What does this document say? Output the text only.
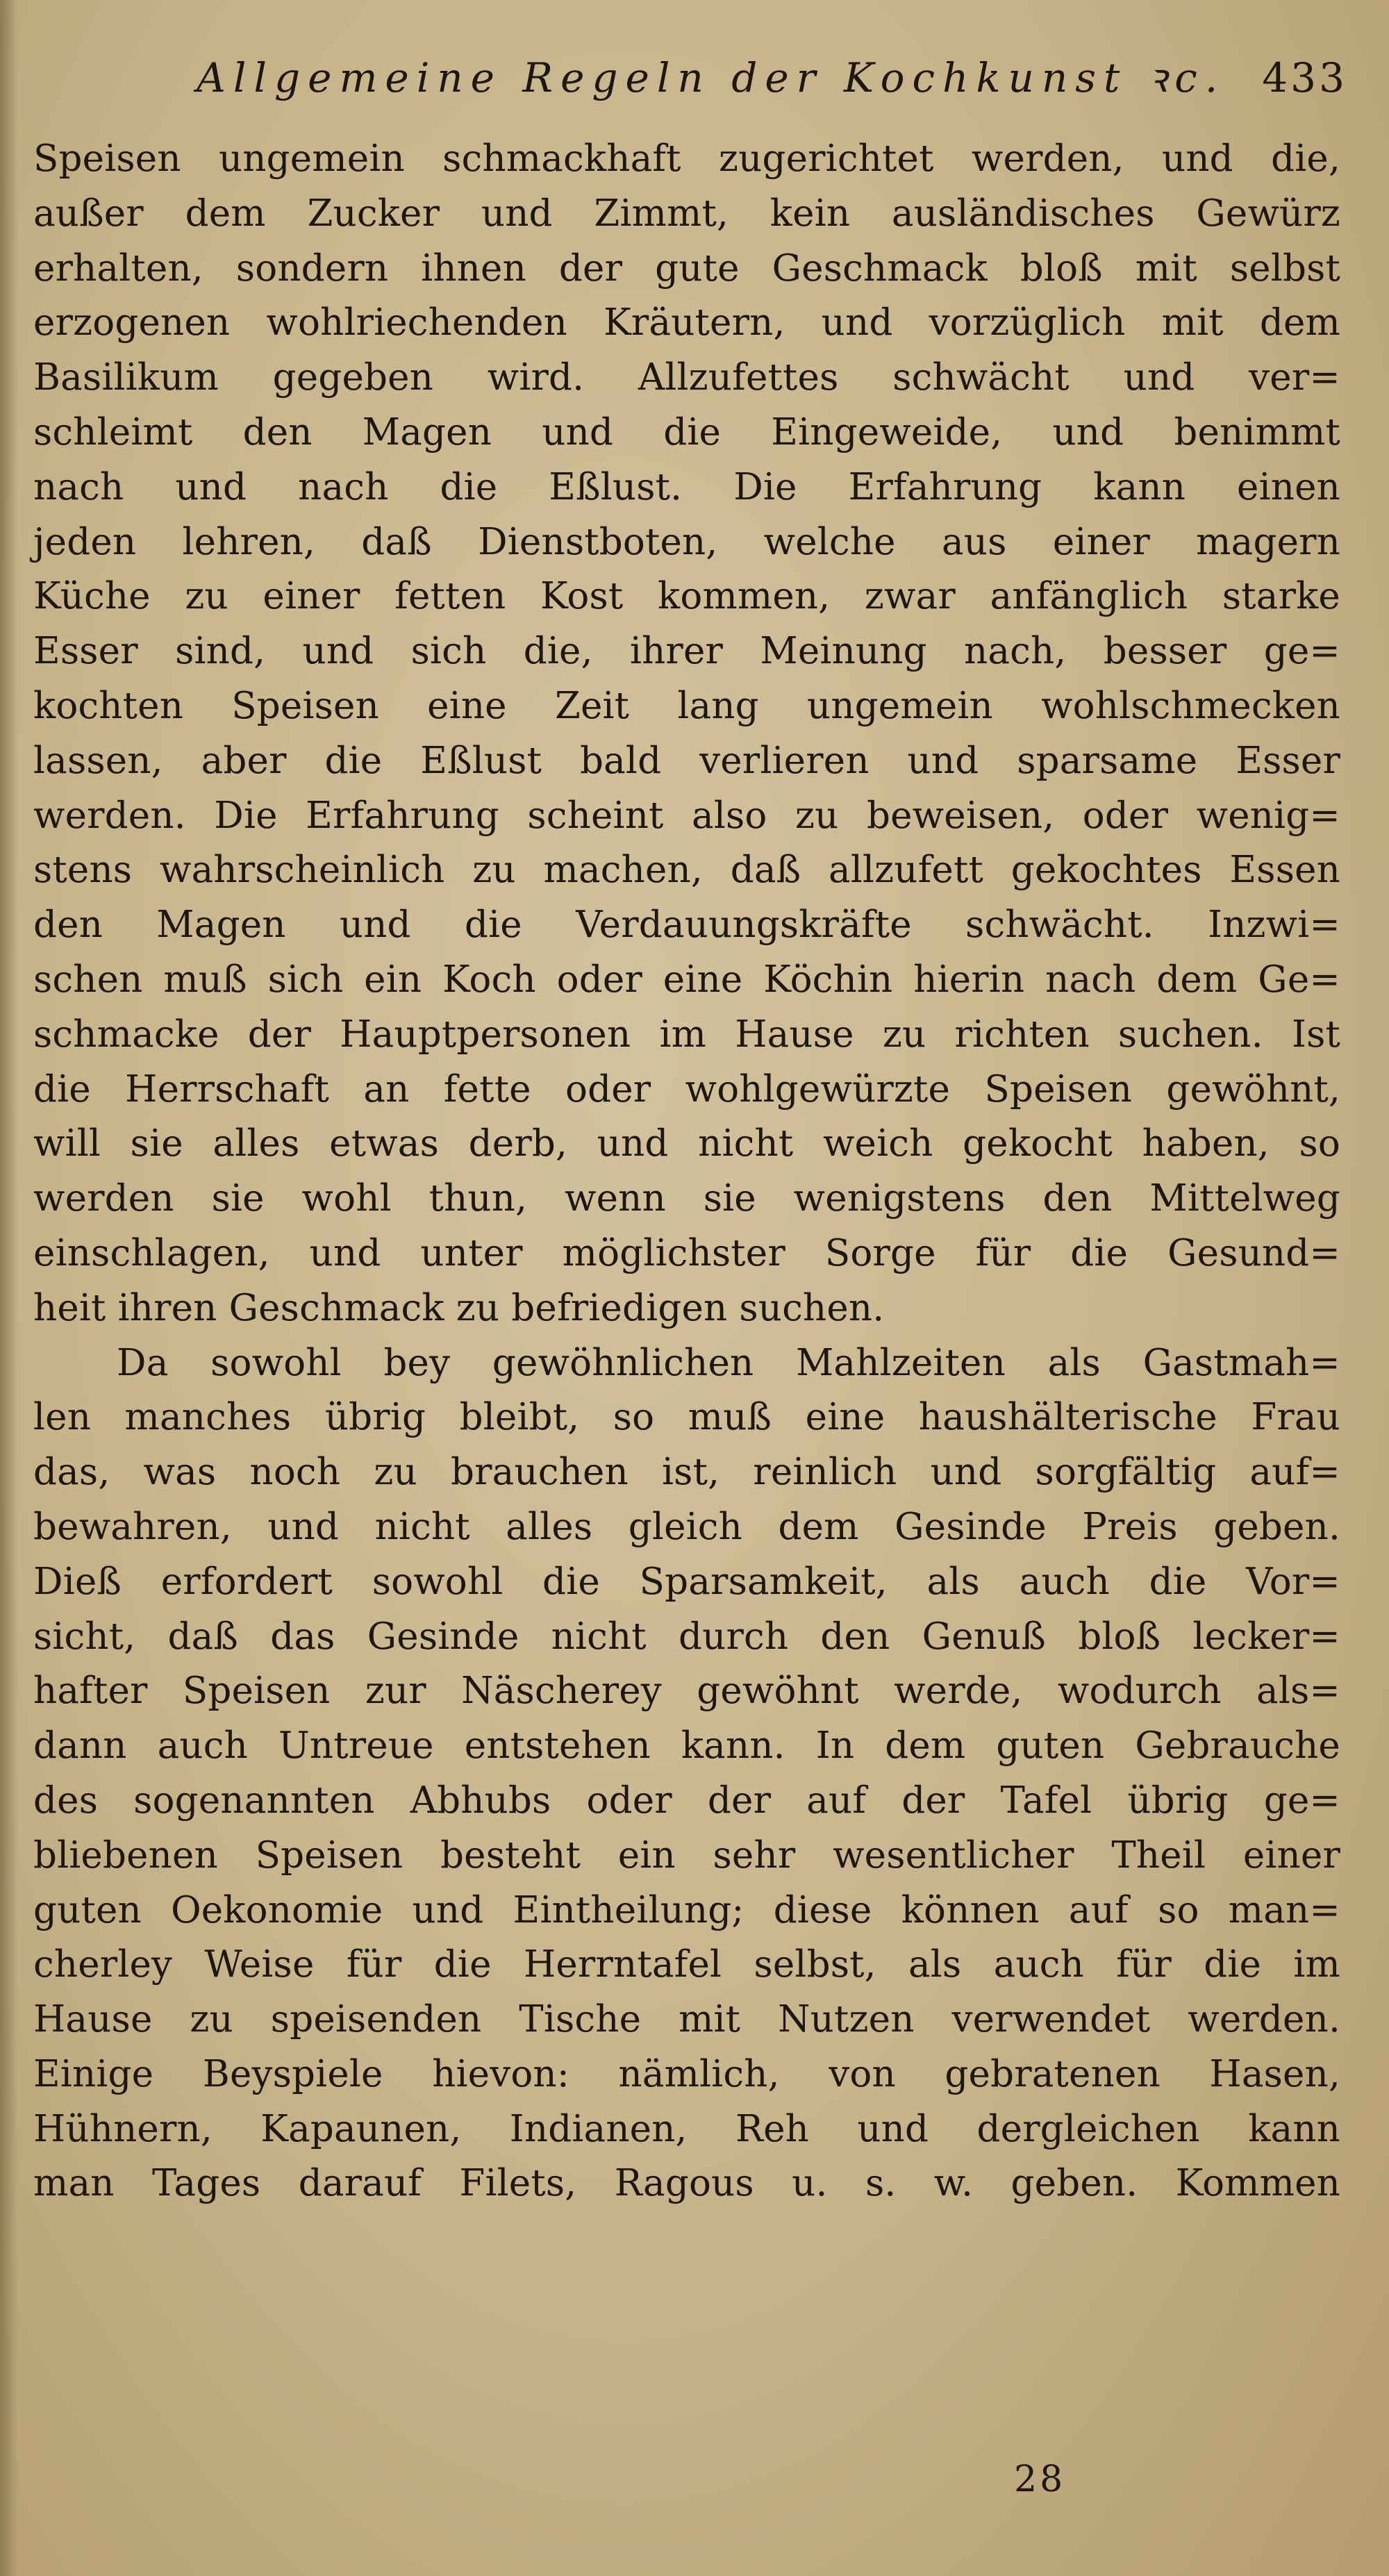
Allgemeine Regeln der Kochkunst ꝛc. 433
Speisen ungemein schmackhaft zugerichtet werden, und die,
außer dem Zucker und Zimmt, kein ausländisches Gewürz
erhalten, sondern ihnen der gute Geschmack bloß mit selbst
erzogenen wohlriechenden Kräutern, und vorzüglich mit dem
Basilikum gegeben wird. Allzufettes schwächt und ver=
schleimt den Magen und die Eingeweide, und benimmt
nach und nach die Eßlust. Die Erfahrung kann einen
jeden lehren, daß Dienstboten, welche aus einer magern
Küche zu einer fetten Kost kommen, zwar anfänglich starke
Esser sind, und sich die, ihrer Meinung nach, besser ge=
kochten Speisen eine Zeit lang ungemein wohlschmecken
lassen, aber die Eßlust bald verlieren und sparsame Esser
werden. Die Erfahrung scheint also zu beweisen, oder wenig=
stens wahrscheinlich zu machen, daß allzufett gekochtes Essen
den Magen und die Verdauungskräfte schwächt. Inzwi=
schen muß sich ein Koch oder eine Köchin hierin nach dem Ge=
schmacke der Hauptpersonen im Hause zu richten suchen. Ist
die Herrschaft an fette oder wohlgewürzte Speisen gewöhnt,
will sie alles etwas derb, und nicht weich gekocht haben, so
werden sie wohl thun, wenn sie wenigstens den Mittelweg
einschlagen, und unter möglichster Sorge für die Gesund=
heit ihren Geschmack zu befriedigen suchen.
Da sowohl bey gewöhnlichen Mahlzeiten als Gastmah=
len manches übrig bleibt, so muß eine haushälterische Frau
das, was noch zu brauchen ist, reinlich und sorgfältig auf=
bewahren, und nicht alles gleich dem Gesinde Preis geben.
Dieß erfordert sowohl die Sparsamkeit, als auch die Vor=
sicht, daß das Gesinde nicht durch den Genuß bloß lecker=
hafter Speisen zur Näscherey gewöhnt werde, wodurch als=
dann auch Untreue entstehen kann. In dem guten Gebrauche
des sogenannten Abhubs oder der auf der Tafel übrig ge=
bliebenen Speisen besteht ein sehr wesentlicher Theil einer
guten Oekonomie und Eintheilung; diese können auf so man=
cherley Weise für die Herrntafel selbst, als auch für die im
Hause zu speisenden Tische mit Nutzen verwendet werden.
Einige Beyspiele hievon: nämlich, von gebratenen Hasen,
Hühnern, Kapaunen, Indianen, Reh und dergleichen kann
man Tages darauf Filets, Ragous u. s. w. geben. Kommen
28
